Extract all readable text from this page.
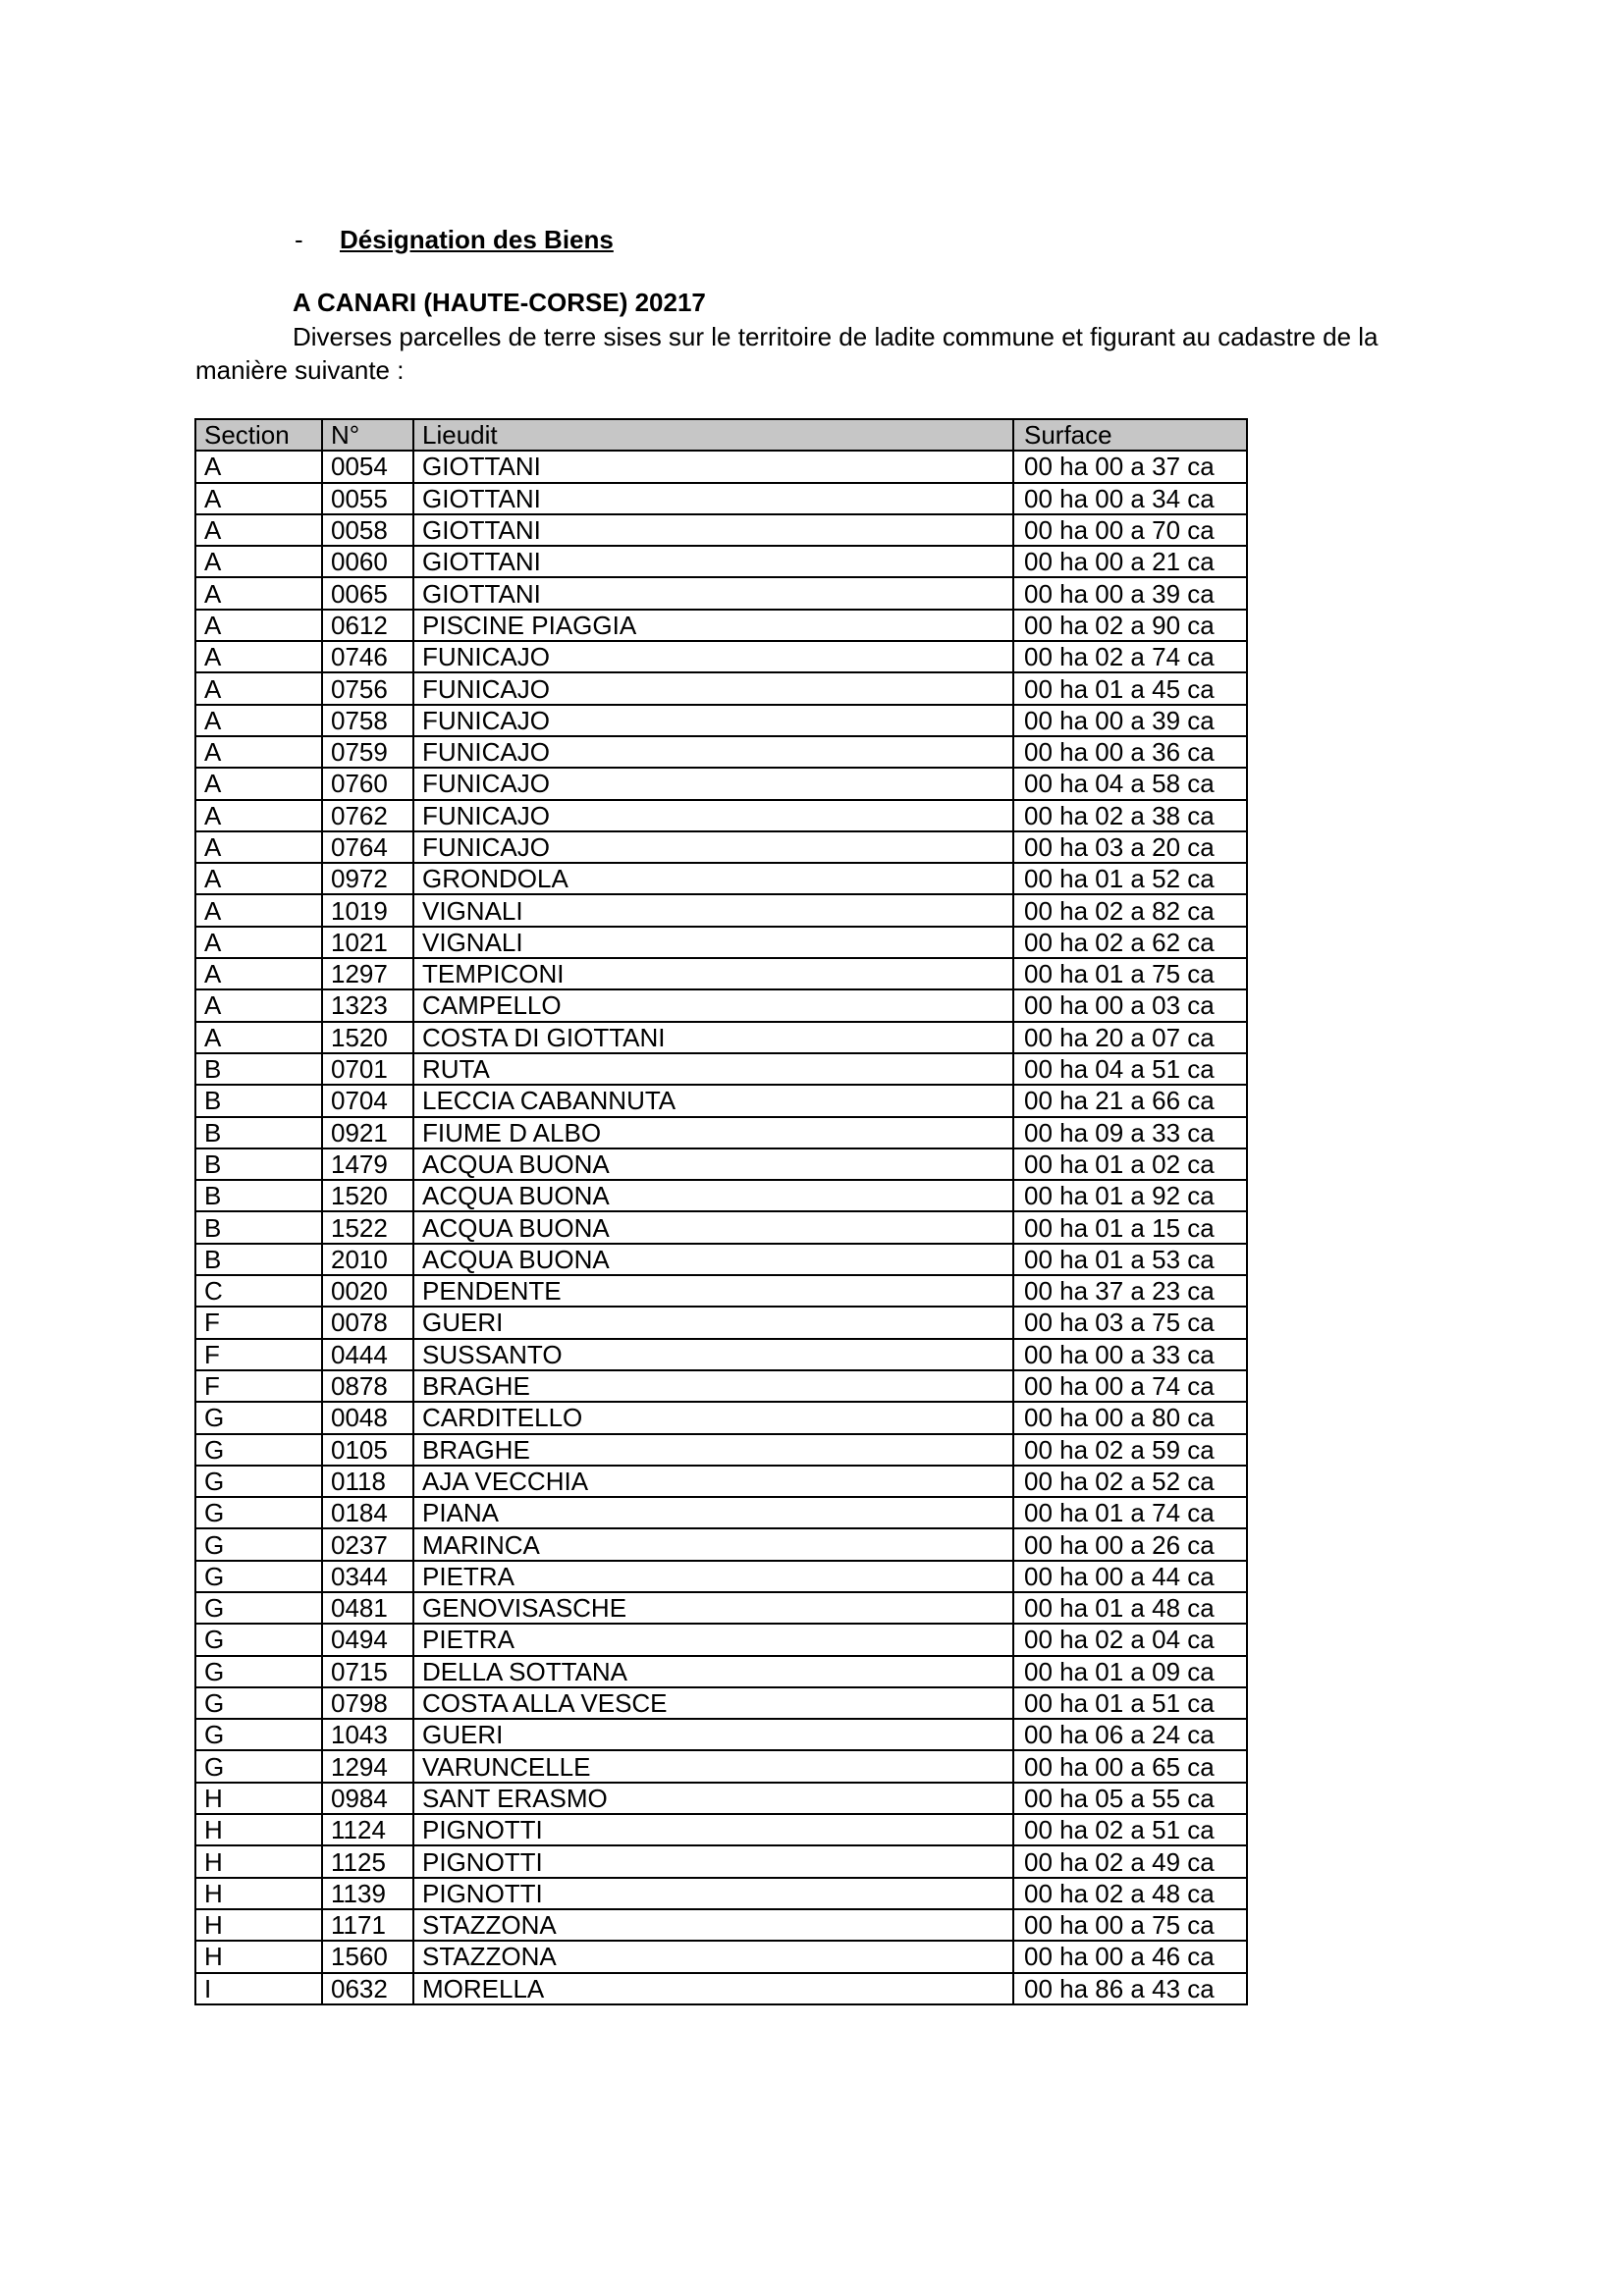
- Désignation des Biens
A CANARI (HAUTE-CORSE) 20217
Diverses parcelles de terre sises sur le territoire de ladite commune et figurant au cadastre de la manière suivante :
Section	N°	Lieudit	Surface
A	0054	GIOTTANI	00 ha 00 a 37 ca
A	0055	GIOTTANI	00 ha 00 a 34 ca
A	0058	GIOTTANI	00 ha 00 a 70 ca
A	0060	GIOTTANI	00 ha 00 a 21 ca
A	0065	GIOTTANI	00 ha 00 a 39 ca
A	0612	PISCINE PIAGGIA	00 ha 02 a 90 ca
A	0746	FUNICAJO	00 ha 02 a 74 ca
A	0756	FUNICAJO	00 ha 01 a 45 ca
A	0758	FUNICAJO	00 ha 00 a 39 ca
A	0759	FUNICAJO	00 ha 00 a 36 ca
A	0760	FUNICAJO	00 ha 04 a 58 ca
A	0762	FUNICAJO	00 ha 02 a 38 ca
A	0764	FUNICAJO	00 ha 03 a 20 ca
A	0972	GRONDOLA	00 ha 01 a 52 ca
A	1019	VIGNALI	00 ha 02 a 82 ca
A	1021	VIGNALI	00 ha 02 a 62 ca
A	1297	TEMPICONI	00 ha 01 a 75 ca
A	1323	CAMPELLO	00 ha 00 a 03 ca
A	1520	COSTA DI GIOTTANI	00 ha 20 a 07 ca
B	0701	RUTA	00 ha 04 a 51 ca
B	0704	LECCIA CABANNUTA	00 ha 21 a 66 ca
B	0921	FIUME D ALBO	00 ha 09 a 33 ca
B	1479	ACQUA BUONA	00 ha 01 a 02 ca
B	1520	ACQUA BUONA	00 ha 01 a 92 ca
B	1522	ACQUA BUONA	00 ha 01 a 15 ca
B	2010	ACQUA BUONA	00 ha 01 a 53 ca
C	0020	PENDENTE	00 ha 37 a 23 ca
F	0078	GUERI	00 ha 03 a 75 ca
F	0444	SUSSANTO	00 ha 00 a 33 ca
F	0878	BRAGHE	00 ha 00 a 74 ca
G	0048	CARDITELLO	00 ha 00 a 80 ca
G	0105	BRAGHE	00 ha 02 a 59 ca
G	0118	AJA VECCHIA	00 ha 02 a 52 ca
G	0184	PIANA	00 ha 01 a 74 ca
G	0237	MARINCA	00 ha 00 a 26 ca
G	0344	PIETRA	00 ha 00 a 44 ca
G	0481	GENOVISASCHE	00 ha 01 a 48 ca
G	0494	PIETRA	00 ha 02 a 04 ca
G	0715	DELLA SOTTANA	00 ha 01 a 09 ca
G	0798	COSTA ALLA VESCE	00 ha 01 a 51 ca
G	1043	GUERI	00 ha 06 a 24 ca
G	1294	VARUNCELLE	00 ha 00 a 65 ca
H	0984	SANT ERASMO	00 ha 05 a 55 ca
H	1124	PIGNOTTI	00 ha 02 a 51 ca
H	1125	PIGNOTTI	00 ha 02 a 49 ca
H	1139	PIGNOTTI	00 ha 02 a 48 ca
H	1171	STAZZONA	00 ha 00 a 75 ca
H	1560	STAZZONA	00 ha 00 a 46 ca
I	0632	MORELLA	00 ha 86 a 43 ca
